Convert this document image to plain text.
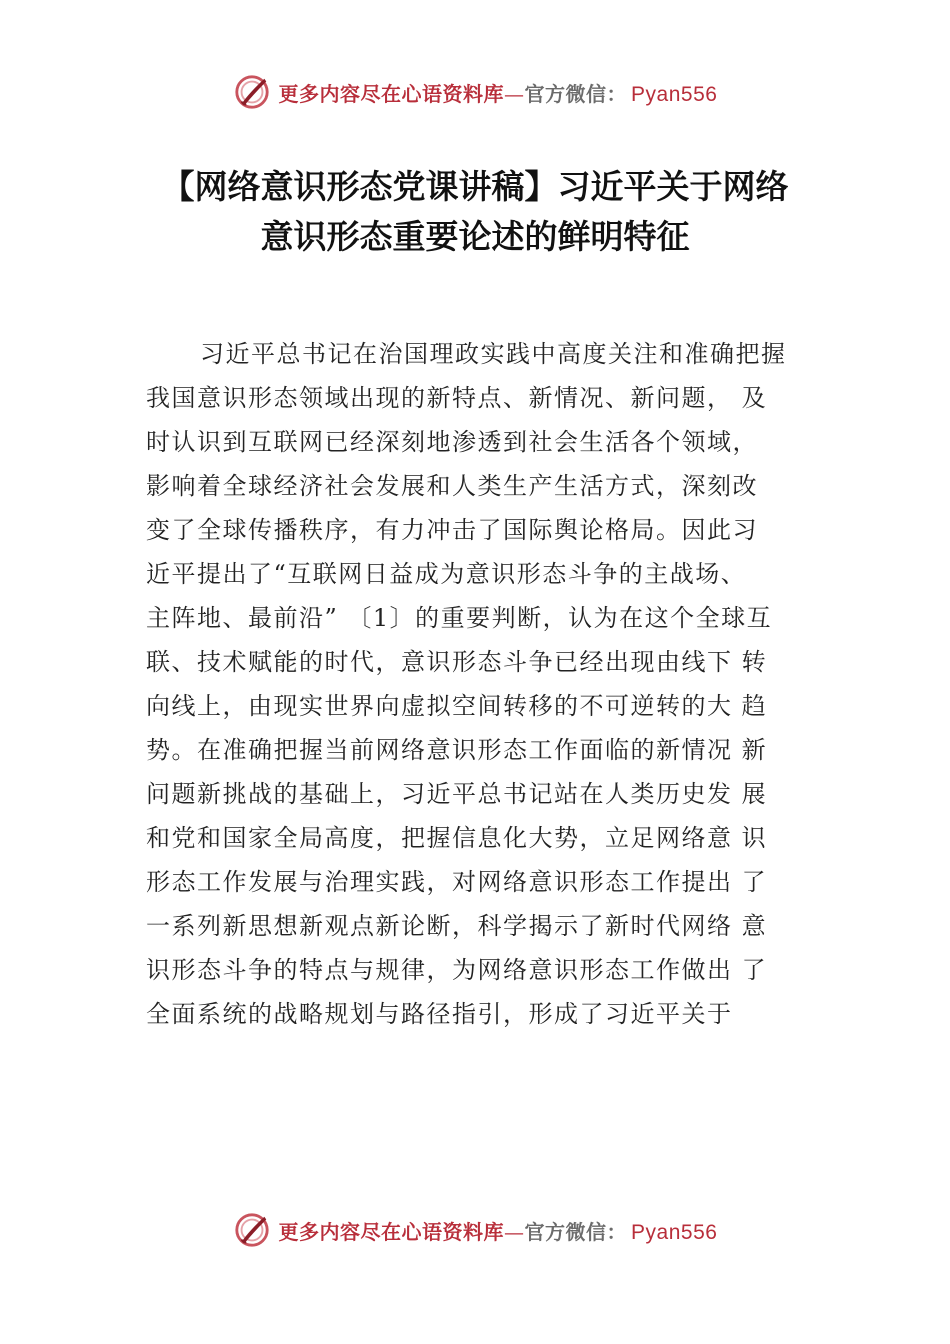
更多内容尽在心语资料库 — 官方微信： Pyan556
【网络意识形态党课讲稿】习近平关于网络
意识形态重要论述的鲜明特征
习近平总书记在治国理政实践中高度关注和准确把握
我国意识形态领域出现的新特点、新情况、新问题， 及
时认识到互联网已经深刻地渗透到社会生活各个领域，
影响着全球经济社会发展和人类生产生活方式，深刻改
变了全球传播秩序，有力冲击了国际舆论格局。因此习
近平提出了“互联网日益成为意识形态斗争的主战场、
主阵地、最前沿” 〔1〕的重要判断，认为在这个全球互
联、技术赋能的时代，意识形态斗争已经出现由线下 转
向线上，由现实世界向虚拟空间转移的不可逆转的大 趋
势。在准确把握当前网络意识形态工作面临的新情况 新
问题新挑战的基础上，习近平总书记站在人类历史发 展
和党和国家全局高度，把握信息化大势，立足网络意 识
形态工作发展与治理实践，对网络意识形态工作提出 了
一系列新思想新观点新论断，科学揭示了新时代网络 意
识形态斗争的特点与规律，为网络意识形态工作做出 了
全面系统的战略规划与路径指引，形成了习近平关于
更多内容尽在心语资料库 — 官方微信： Pyan556
